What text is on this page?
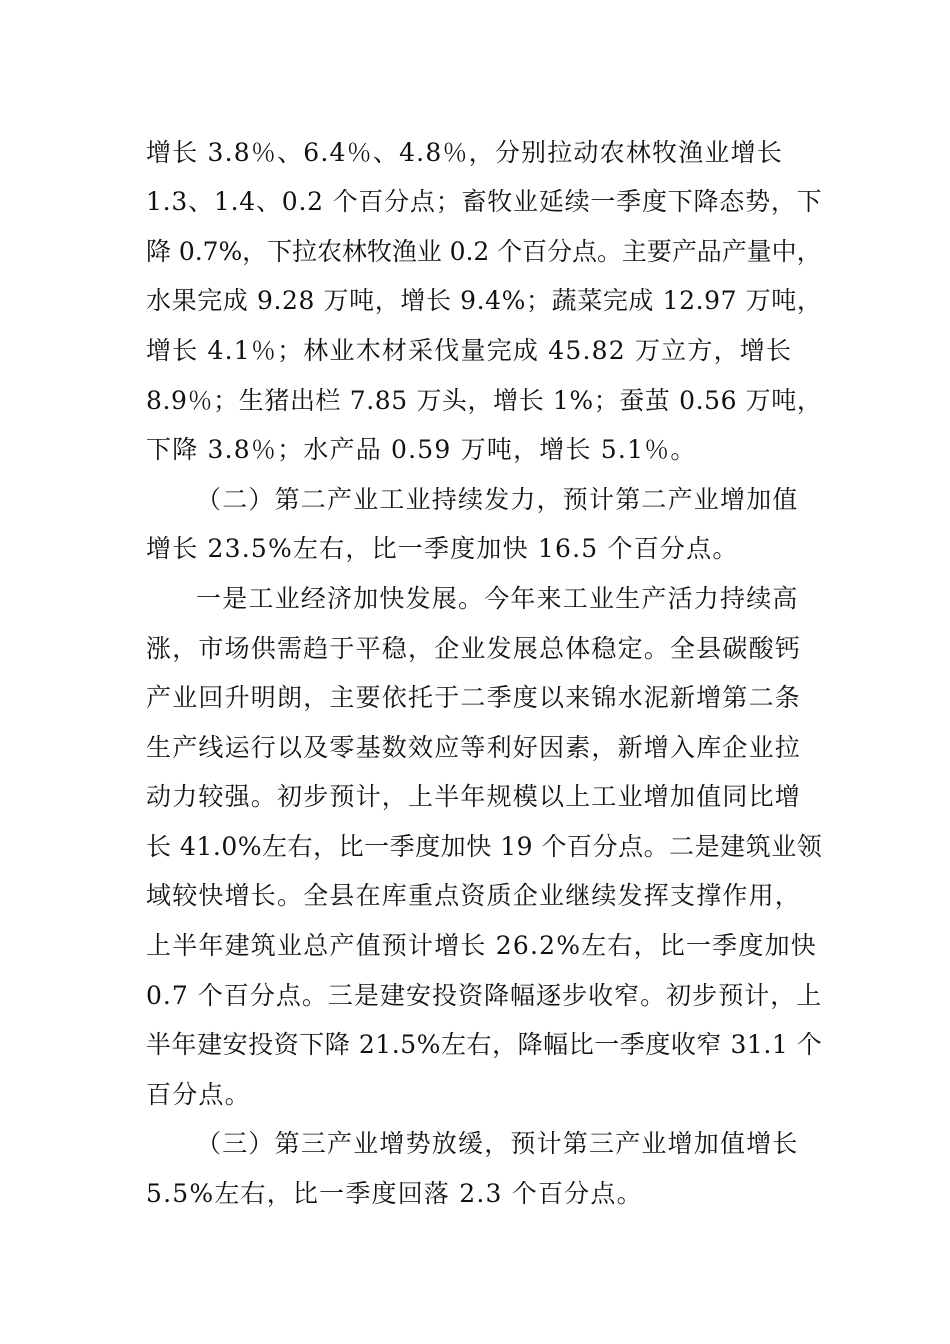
增长 3.8％、6.4％、4.8％，分别拉动农林牧渔业增长
1.3、1.4、0.2 个百分点；畜牧业延续一季度下降态势，下
降 0.7%，下拉农林牧渔业 0.2 个百分点。主要产品产量中，
水果完成 9.28 万吨，增长 9.4%；蔬菜完成 12.97 万吨，
增长 4.1％；林业木材采伐量完成 45.82 万立方，增长
8.9％；生猪出栏 7.85 万头，增长 1%；蚕茧 0.56 万吨，
下降 3.8％；水产品 0.59 万吨，增长 5.1％。
（二）第二产业工业持续发力，预计第二产业增加值
增长 23.5%左右，比一季度加快 16.5 个百分点。
一是工业经济加快发展。今年来工业生产活力持续高
涨，市场供需趋于平稳，企业发展总体稳定。全县碳酸钙
产业回升明朗，主要依托于二季度以来锦水泥新增第二条
生产线运行以及零基数效应等利好因素，新增入库企业拉
动力较强。初步预计，上半年规模以上工业增加值同比增
长 41.0%左右，比一季度加快 19 个百分点。二是建筑业领
域较快增长。全县在库重点资质企业继续发挥支撑作用，
上半年建筑业总产值预计增长 26.2%左右，比一季度加快
0.7 个百分点。三是建安投资降幅逐步收窄。初步预计，上
半年建安投资下降 21.5%左右，降幅比一季度收窄 31.1 个
百分点。
（三）第三产业增势放缓，预计第三产业增加值增长
5.5%左右，比一季度回落 2.3 个百分点。
